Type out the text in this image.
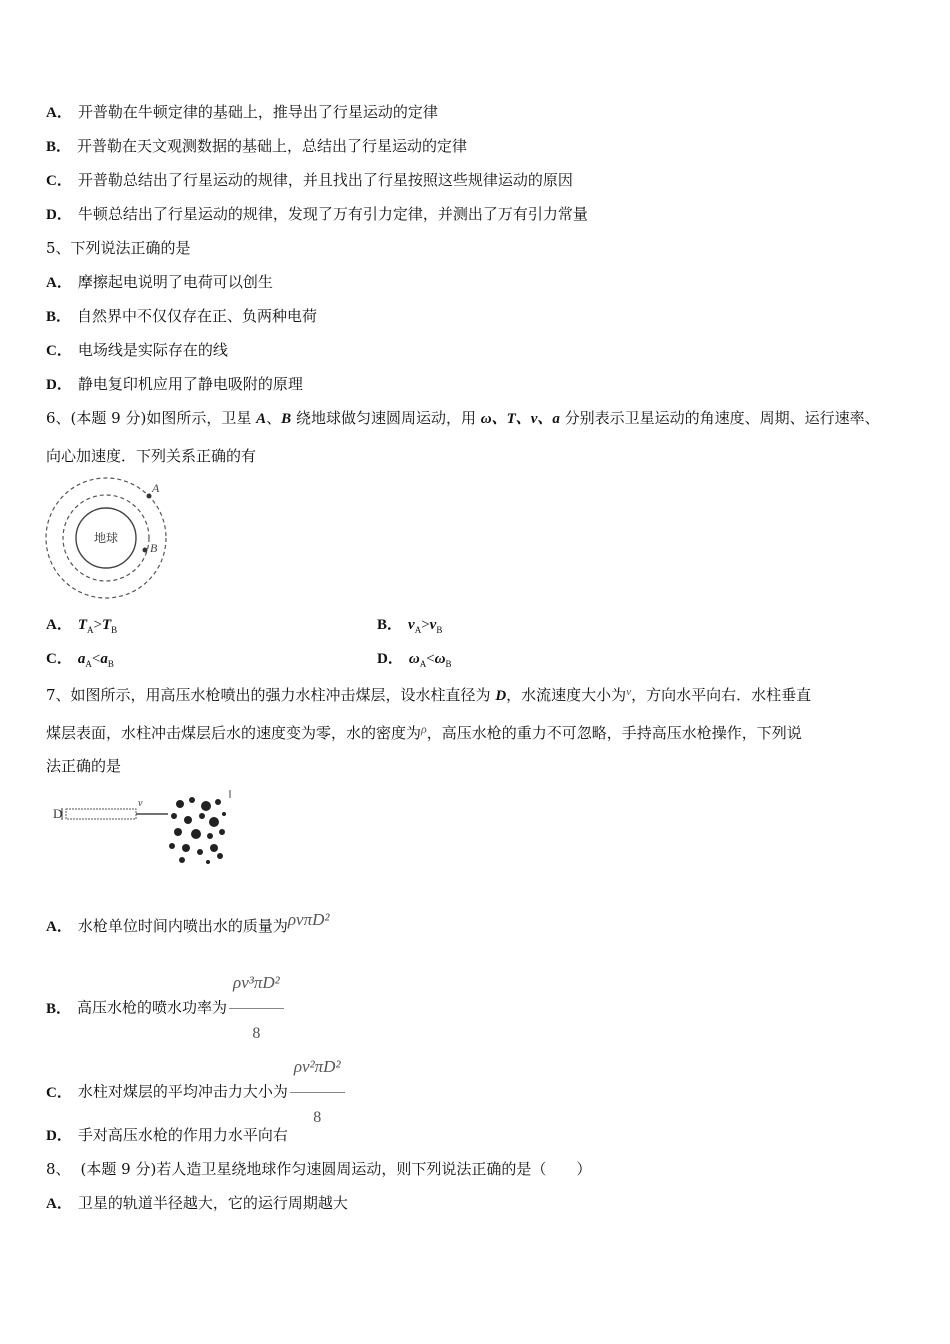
A． 开普勒在牛顿定律的基础上，推导出了行星运动的定律
B． 开普勒在天文观测数据的基础上，总结出了行星运动的定律
C． 开普勒总结出了行星运动的规律，并且找出了行星按照这些规律运动的原因
D． 牛顿总结出了行星运动的规律，发现了万有引力定律，并测出了万有引力常量
5、下列说法正确的是
A． 摩擦起电说明了电荷可以创生
B． 自然界中不仅仅存在正、负两种电荷
C． 电场线是实际存在的线
D． 静电复印机应用了静电吸附的原理
6、(本题 9 分)如图所示，卫星 A、B 绕地球做匀速圆周运动，用 ω、T、v、a 分别表示卫星运动的角速度、周期、运行速率、
向心加速度．下列关系正确的有
地球
A
B
A． $T_A>T_B$	B． $v_A>v_B$
C． $a_A<a_B$	D． $\omega_A<\omega_B$
7、如图所示，用高压水枪喷出的强力水柱冲击煤层，设水柱直径为 D，水流速度大小为$^v$，方向水平向右．水柱垂直
煤层表面，水柱冲击煤层后水的速度变为零，水的密度为$^\rho$，高压水枪的重力不可忽略，手持高压水枪操作，下列说
法正确的是
D
v
A． 水枪单位时间内喷出水的质量为ρvπD²
B． 高压水枪的喷水功率为 $\frac{\text{ρv³πD²}}{8}$
C． 水柱对煤层的平均冲击力大小为 $\frac{\text{ρv²πD²}}{8}$
D． 手对高压水枪的作用力水平向右
8、 (本题 9 分)若人造卫星绕地球作匀速圆周运动，则下列说法正确的是（　　）
A． 卫星的轨道半径越大，它的运行周期越大
